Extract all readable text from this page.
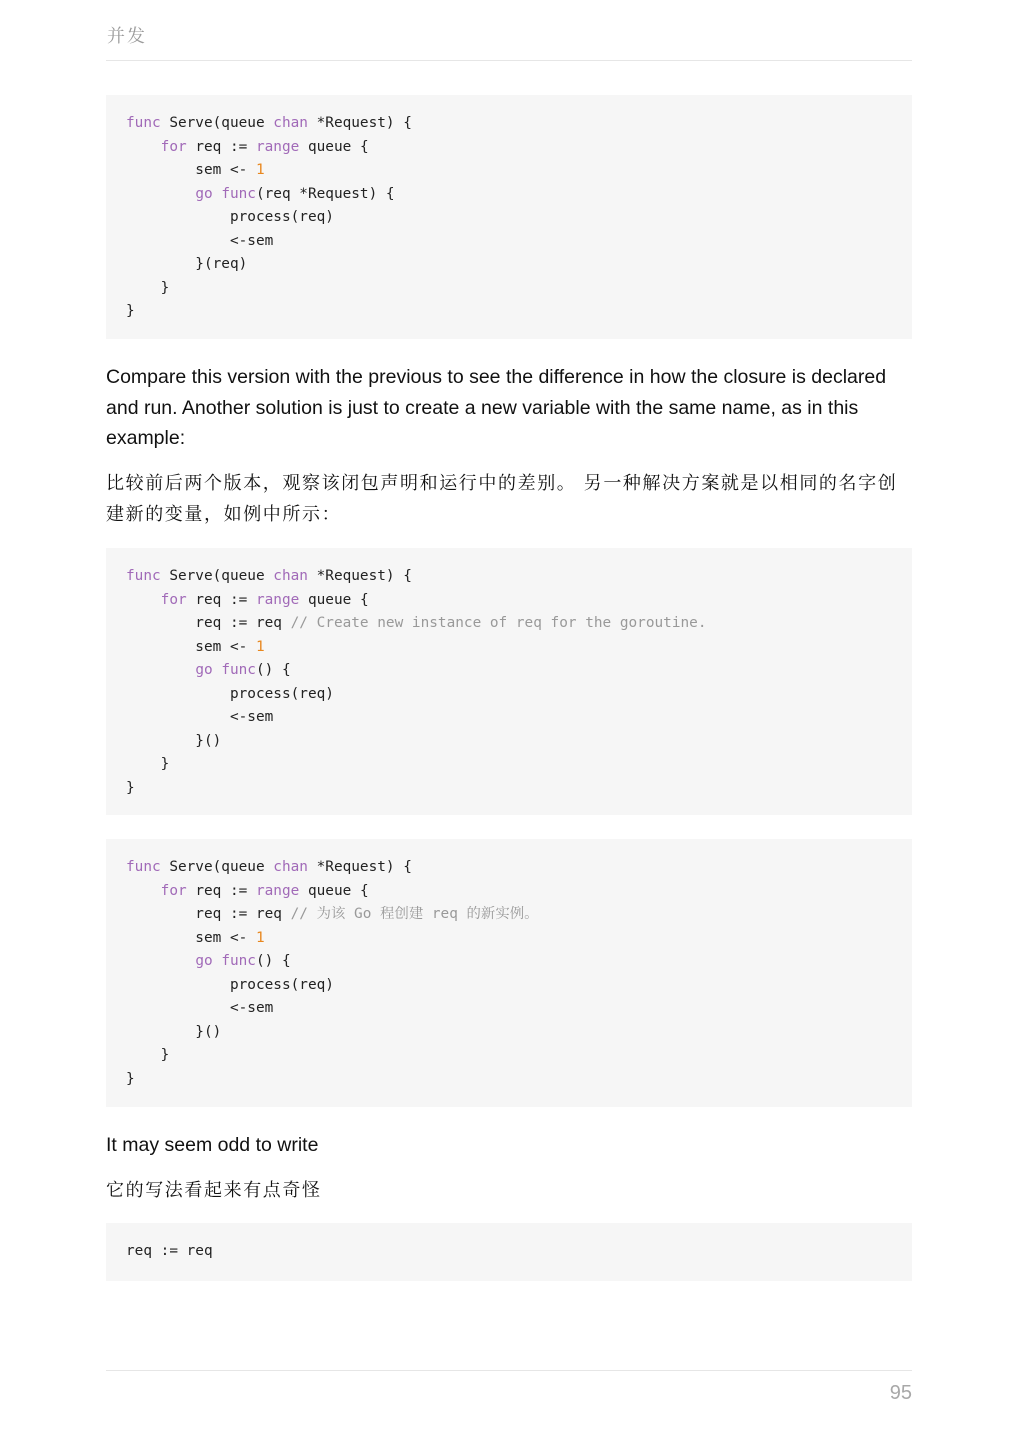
并发
func Serve(queue chan *Request) {
for req := range queue {
sem <- 1
go func(req *Request) {
process(req)
<-sem
}(req)
}
}
Compare this version with the previous to see the difference in how the closure is declared and run. Another solution is just to create a new variable with the same name, as in this example:
比较前后两个版本，观察该闭包声明和运行中的差别。 另一种解决方案就是以相同的名字创建新的变量，如例中所示：
func Serve(queue chan *Request) {
for req := range queue {
req := req // Create new instance of req for the goroutine.
sem <- 1
go func() {
process(req)
<-sem
}()
}
}
func Serve(queue chan *Request) {
for req := range queue {
req := req // 为该 Go 程创建 req 的新实例。
sem <- 1
go func() {
process(req)
<-sem
}()
}
}
It may seem odd to write
它的写法看起来有点奇怪
req := req
95
